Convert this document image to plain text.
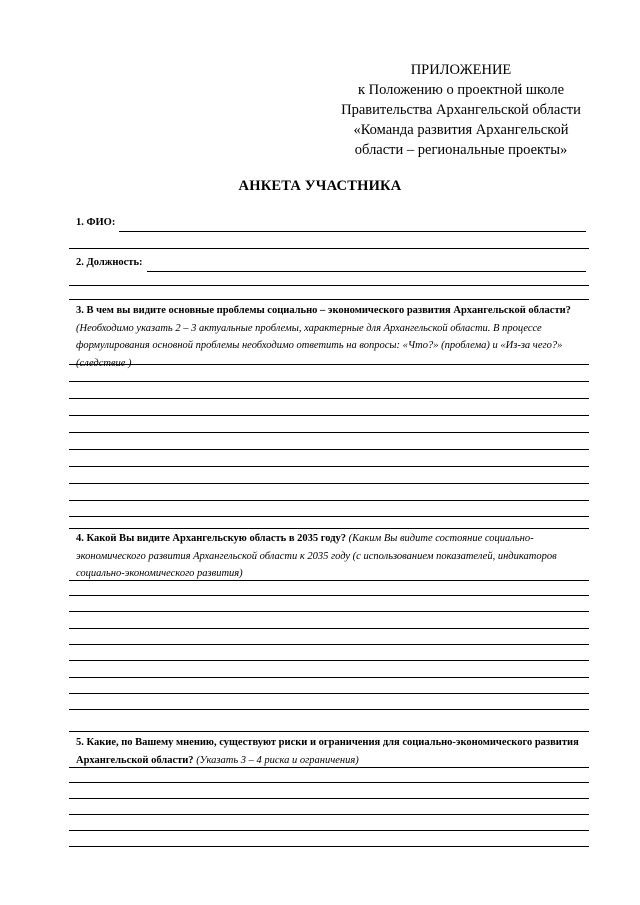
ПРИЛОЖЕНИЕ
к Положению о проектной школе
Правительства Архангельской области
«Команда развития Архангельской
области – региональные проекты»
АНКЕТА УЧАСТНИКА
1. ФИО:
2. Должность:
3. В чем вы видите основные проблемы социально – экономического развития Архангельской области? (Необходимо указать 2 – 3 актуальные проблемы, характерные для Архангельской области. В процессе формулирования основной проблемы необходимо ответить на вопросы: «Что?» (проблема) и «Из-за чего?» (следствие )
4. Какой Вы видите Архангельскую область в 2035 году? (Каким Вы видите состояние социально-экономического развития Архангельской области к 2035 году (с использованием показателей, индикаторов социально-экономического развития)
5. Какие, по Вашему мнению, существуют риски и ограничения для социально-экономического развития Архангельской области? (Указать 3 – 4 риска и ограничения)
